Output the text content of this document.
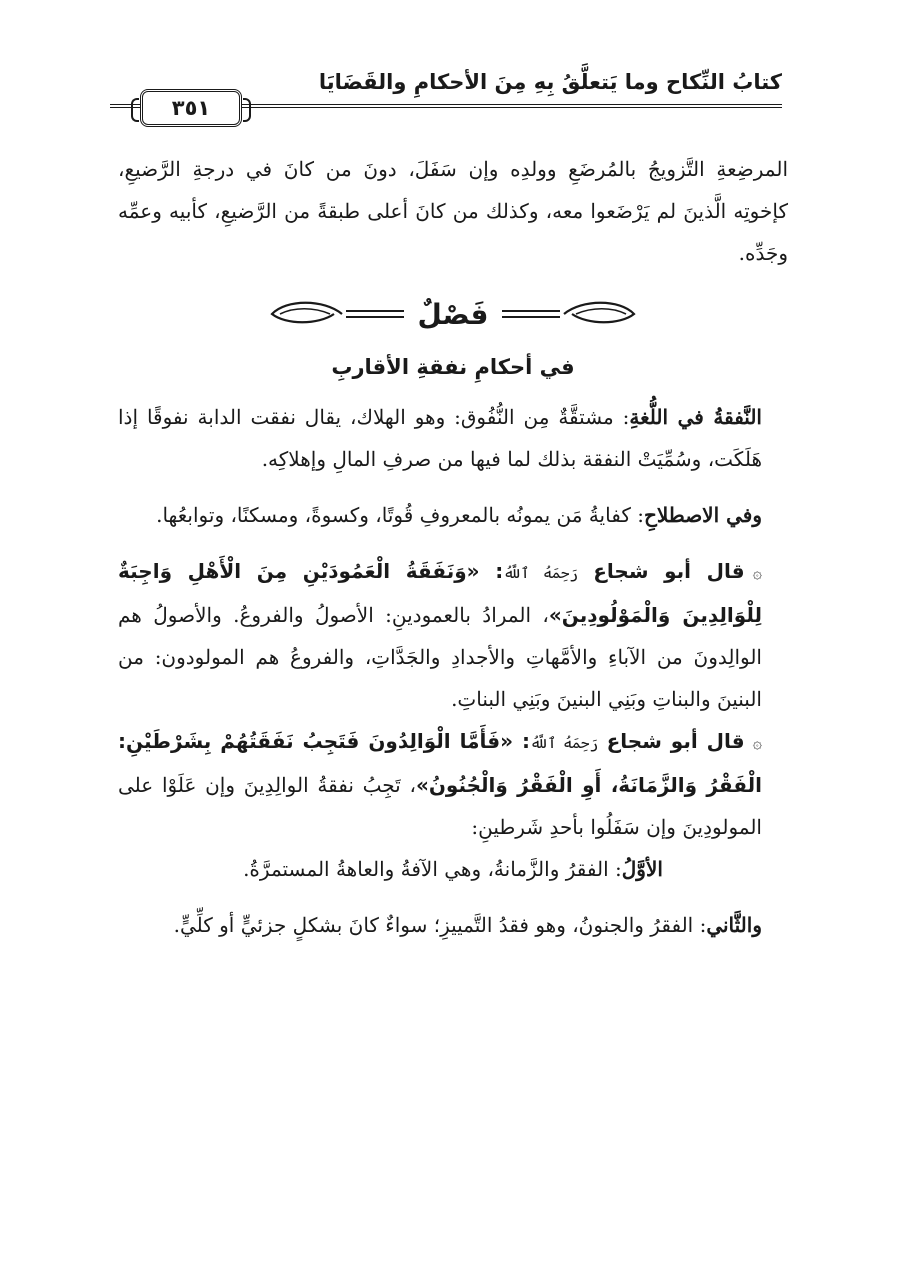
كتابُ النِّكاح وما يَتعلَّقُ بِهِ مِنَ الأحكامِ والقَضَايَا
٣٥١

المرضِعةِ التَّزويجُ بالمُرضَعِ وولدِه وإن سَفَلَ، دونَ من كانَ في درجةِ الرَّضيعِ، كإخوتِه الَّذينَ لم يَرْضَعوا معه، وكذلك من كانَ أعلى طبقةً من الرَّضيعِ، كأبيه وعمِّه وجَدِّه.

فَصْلٌ
في أحكامِ نفقةِ الأقاربِ

النَّفقةُ في اللُّغةِ: مشتقَّةٌ مِن النُّفُوق: وهو الهلاك، يقال نفقت الدابة نفوقًا إذا هَلَكَت، وسُمِّيَتْ النفقة بذلك لما فيها من صرفِ المالِ وإهلاكِه.

وفي الاصطلاحِ: كفايةُ مَن يمونُه بالمعروفِ قُوتًا، وكسوةً، ومسكنًا، وتوابعُها.

۞قال أبو شجاع رَحِمَهُ ٱللَّهُ: «وَنَفَقَةُ الْعَمُودَيْنِ مِنَ الْأَهْلِ وَاجِبَةٌ لِلْوَالِدِينَ وَالْمَوْلُودِينَ»، المرادُ بالعمودينِ: الأصولُ والفروعُ. والأصولُ هم الوالِدونَ من الآباءِ والأمَّهاتِ والأجدادِ والجَدَّاتِ، والفروعُ هم المولودون: من البنينَ والبناتِ وبَنِي البنينَ وبَنِي البناتِ.

۞قال أبو شجاع رَحِمَهُ ٱللَّهُ: «فَأَمَّا الْوَالِدُونَ فَتَجِبُ نَفَقَتُهُمْ بِشَرْطَيْنِ: الْفَقْرُ وَالزَّمَانَةُ، أَوِ الْفَقْرُ وَالْجُنُونُ»، تَجِبُ نفقةُ الوالِدِينَ وإن عَلَوْا على المولودِينَ وإن سَفَلُوا بأحدِ شَرطينِ:

الأوَّلُ: الفقرُ والزَّمانةُ، وهي الآفةُ والعاهةُ المستمرَّةُ.

والثَّاني: الفقرُ والجنونُ، وهو فقدُ التَّمييزِ؛ سواءٌ كانَ بشكلٍ جزئيٍّ أو كلِّيٍّ.
